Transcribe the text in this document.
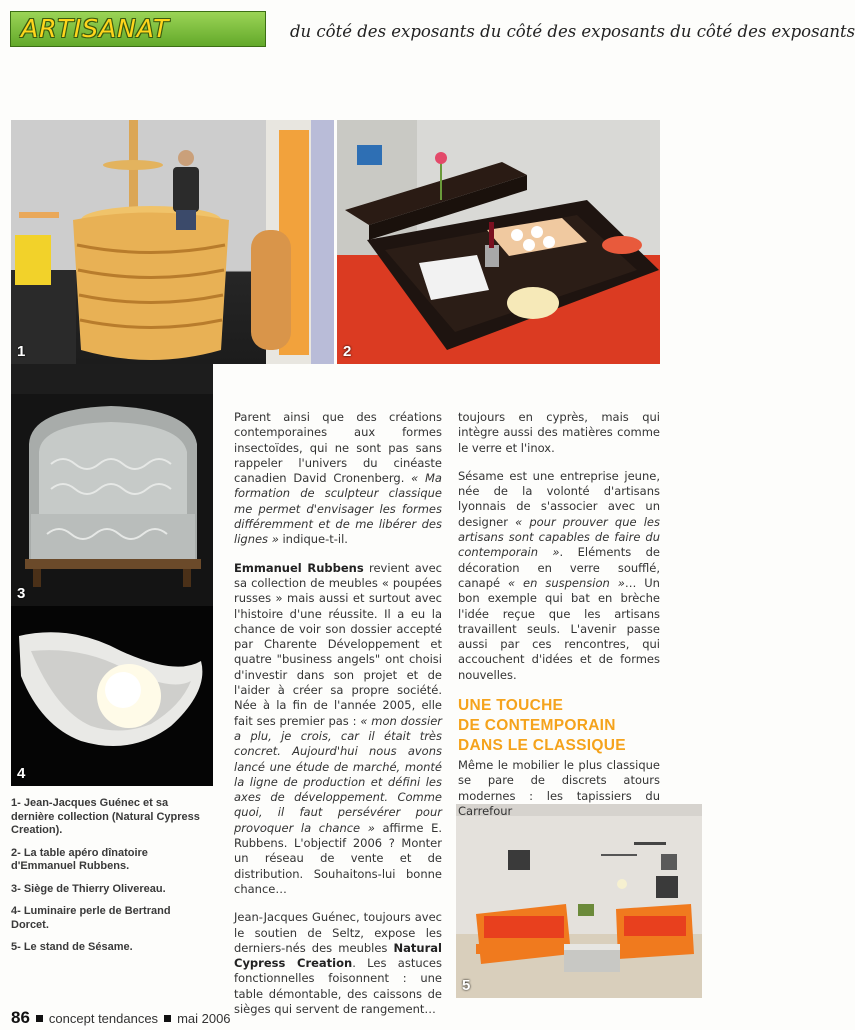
ARTISANAT	du côté des exposants du côté des exposants du côté des exposants
1	2
3
4
5

1- Jean-Jacques Guénec et sa dernière collection (Natural Cypress Creation).

2- La table apéro dînatoire d'Emmanuel Rubbens.

3- Siège de Thierry Olivereau.

4- Luminaire perle de Bertrand Dorcet.

5- Le stand de Sésame.

Parent ainsi que des créations contemporaines aux formes insectoïdes, qui ne sont pas sans rappeler l'univers du cinéaste canadien David Cronenberg. « Ma formation de sculpteur classique me permet d'envisager les formes différemment et de me libérer des lignes » indique-t-il.

Emmanuel Rubbens revient avec sa collection de meubles « poupées russes » mais aussi et surtout avec l'histoire d'une réussite. Il a eu la chance de voir son dossier accepté par Charente Développement et quatre "business angels" ont choisi d'investir dans son projet et de l'aider à créer sa propre société. Née à la fin de l'année 2005, elle fait ses premier pas : « mon dossier a plu, je crois, car il était très concret. Aujourd'hui nous avons lancé une étude de marché, monté la ligne de production et défini les axes de développement. Comme quoi, il faut persévérer pour provoquer la chance » affirme E. Rubbens. L'objectif 2006 ? Monter un réseau de vente et de distribution. Souhaitons-lui bonne chance…

Jean-Jacques Guénec, toujours avec le soutien de Seltz, expose les derniers-nés des meubles Natural Cypress Creation. Les astuces fonctionnelles foisonnent : une table démontable, des caissons de sièges qui servent de rangement…

toujours en cyprès, mais qui intègre aussi des matières comme le verre et l'inox.

Sésame est une entreprise jeune, née de la volonté d'artisans lyonnais de s'associer avec un designer « pour prouver que les artisans sont capables de faire du contemporain ». Eléments de décoration en verre soufflé, canapé « en suspension »… Un bon exemple qui bat en brèche l'idée reçue que les artisans travaillent seuls. L'avenir passe aussi par ces rencontres, qui accouchent d'idées et de formes nouvelles.

UNE TOUCHE
DE CONTEMPORAIN
DANS LE CLASSIQUE

Même le mobilier le plus classique se pare de discrets atours modernes : les tapissiers du Carrefour

86 concept tendances mai 2006
